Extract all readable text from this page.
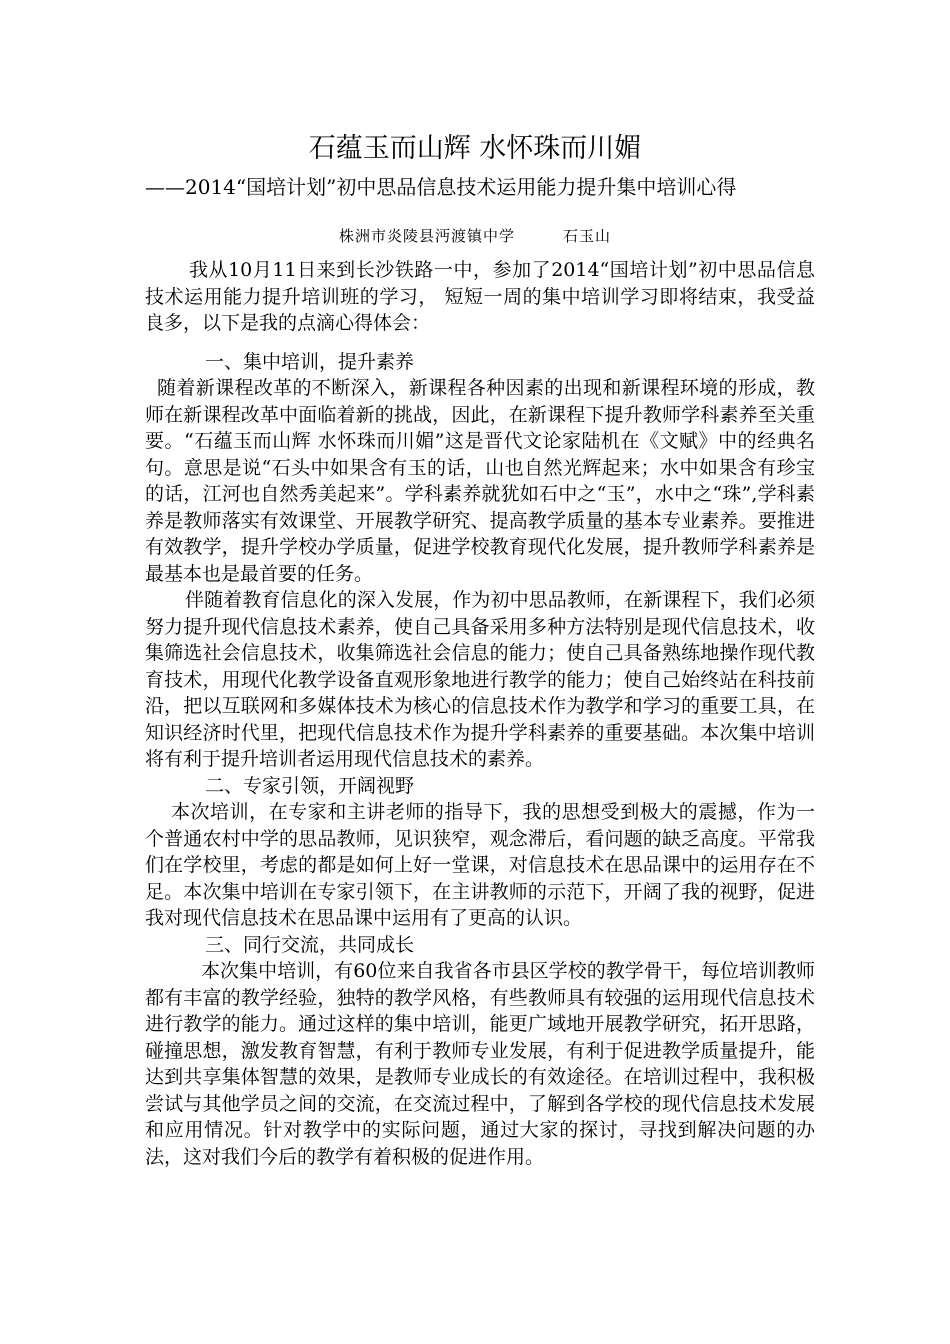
石蕴玉而山辉 水怀珠而川媚
——2014“国培计划”初中思品信息技术运用能力提升集中培训心得
株洲市炎陵县沔渡镇中学	石玉山

我从10月11日来到长沙铁路一中，参加了2014“国培计划”初中思品信息技术运用能力提升培训班的学习， 短短一周的集中培训学习即将结束，我受益良多，以下是我的点滴心得体会：

一、集中培训，提升素养

随着新课程改革的不断深入，新课程各种因素的出现和新课程环境的形成，教师在新课程改革中面临着新的挑战，因此，在新课程下提升教师学科素养至关重要。“石蕴玉而山辉 水怀珠而川媚”这是晋代文论家陆机在《文赋》中的经典名句。意思是说“石头中如果含有玉的话，山也自然光辉起来；水中如果含有珍宝的话，江河也自然秀美起来”。学科素养就犹如石中之“玉”，水中之“珠”,学科素养是教师落实有效课堂、开展教学研究、提高教学质量的基本专业素养。要推进有效教学，提升学校办学质量，促进学校教育现代化发展，提升教师学科素养是最基本也是最首要的任务。

伴随着教育信息化的深入发展，作为初中思品教师，在新课程下，我们必须努力提升现代信息技术素养，使自己具备采用多种方法特别是现代信息技术，收集筛选社会信息技术，收集筛选社会信息的能力；使自己具备熟练地操作现代教育技术，用现代化教学设备直观形象地进行教学的能力；使自己始终站在科技前沿，把以互联网和多媒体技术为核心的信息技术作为教学和学习的重要工具，在知识经济时代里，把现代信息技术作为提升学科素养的重要基础。本次集中培训将有利于提升培训者运用现代信息技术的素养。

二、专家引领，开阔视野

本次培训，在专家和主讲老师的指导下，我的思想受到极大的震撼，作为一个普通农村中学的思品教师，见识狭窄，观念滞后，看问题的缺乏高度。平常我们在学校里，考虑的都是如何上好一堂课，对信息技术在思品课中的运用存在不足。本次集中培训在专家引领下，在主讲教师的示范下，开阔了我的视野，促进我对现代信息技术在思品课中运用有了更高的认识。

三、同行交流，共同成长

本次集中培训，有60位来自我省各市县区学校的教学骨干，每位培训教师都有丰富的教学经验，独特的教学风格，有些教师具有较强的运用现代信息技术进行教学的能力。通过这样的集中培训，能更广域地开展教学研究，拓开思路，碰撞思想，激发教育智慧，有利于教师专业发展，有利于促进教学质量提升，能达到共享集体智慧的效果，是教师专业成长的有效途径。在培训过程中，我积极尝试与其他学员之间的交流，在交流过程中，了解到各学校的现代信息技术发展和应用情况。针对教学中的实际问题，通过大家的探讨，寻找到解决问题的办法，这对我们今后的教学有着积极的促进作用。
